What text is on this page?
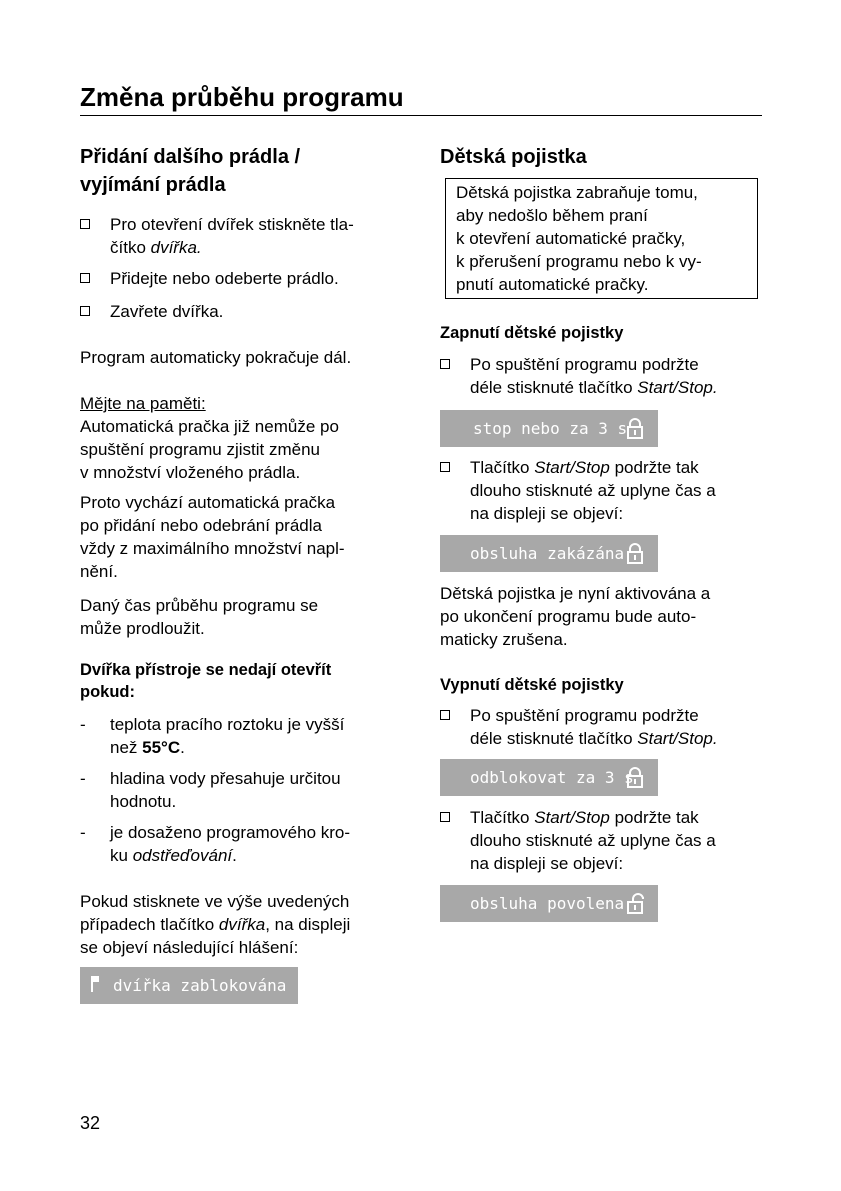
Změna průběhu programu
Přidání dalšího prádla /
vyjímání prádla
Pro otevření dvířek stiskněte tla-
čítko dvířka.
Přidejte nebo odeberte prádlo.
Zavřete dvířka.
Program automaticky pokračuje dál.
Mějte na paměti:
Automatická pračka již nemůže po
spuštění programu zjistit změnu
v množství vloženého prádla.
Proto vychází automatická pračka
po přidání nebo odebrání prádla
vždy z maximálního množství napl-
nění.
Daný čas průběhu programu se
může prodloužit.
Dvířka přístroje se nedají otevřít
pokud:
- teplota pracího roztoku je vyšší
než 55°C.
- hladina vody přesahuje určitou
hodnotu.
- je dosaženo programového kro-
ku odstřeďování.
Pokud stisknete ve výše uvedených
případech tlačítko dvířka, na displeji
se objeví následující hlášení:
dvířka zablokována
Dětská pojistka
Dětská pojistka zabraňuje tomu,
aby nedošlo během praní
k otevření automatické pračky,
k přerušení programu nebo k vy-
pnutí automatické pračky.
Zapnutí dětské pojistky
Po spuštění programu podržte
déle stisknuté tlačítko Start/Stop.
stop nebo za 3 s
Tlačítko Start/Stop podržte tak
dlouho stisknuté až uplyne čas a
na displeji se objeví:
obsluha zakázána
Dětská pojistka je nyní aktivována a
po ukončení programu bude auto-
maticky zrušena.
Vypnutí dětské pojistky
Po spuštění programu podržte
déle stisknuté tlačítko Start/Stop.
odblokovat za 3 s
Tlačítko Start/Stop podržte tak
dlouho stisknuté až uplyne čas a
na displeji se objeví:
obsluha povolena
32
